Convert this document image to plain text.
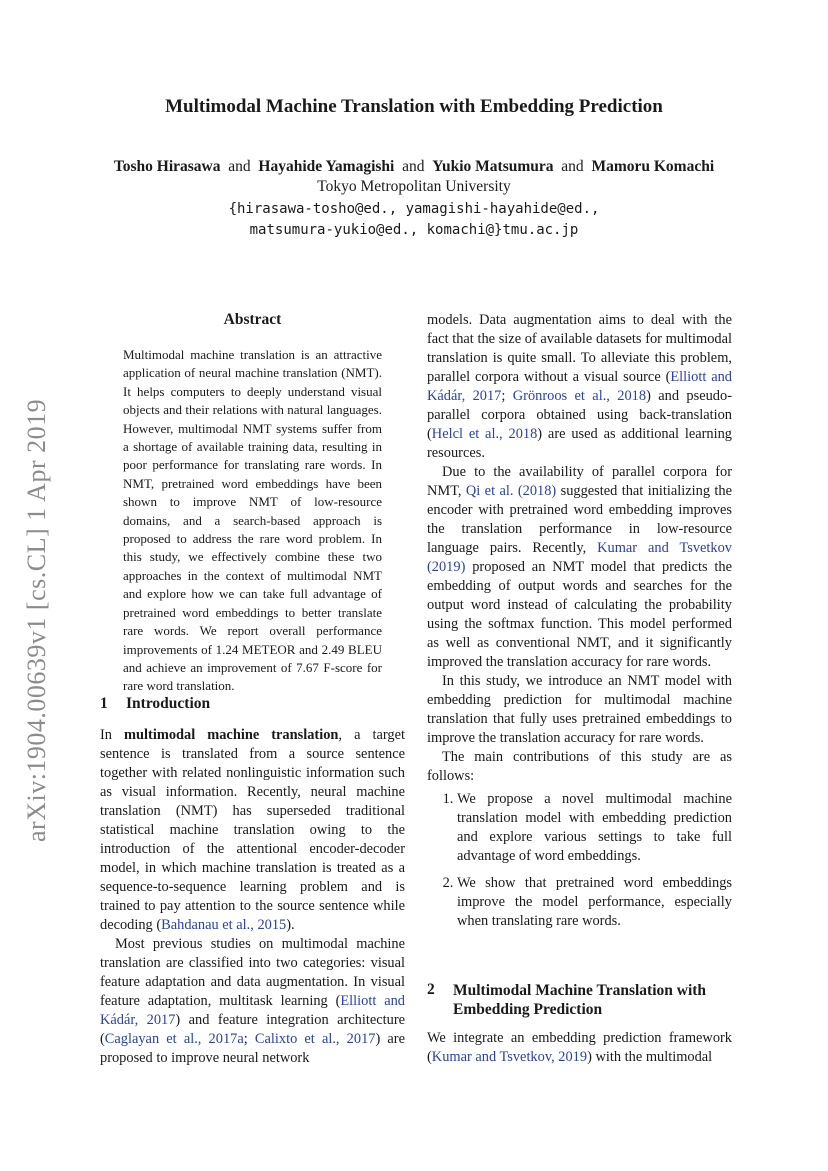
Multimodal Machine Translation with Embedding Prediction
Tosho Hirasawa and Hayahide Yamagishi and Yukio Matsumura and Mamoru Komachi
Tokyo Metropolitan University
{hirasawa-tosho@ed., yamagishi-hayahide@ed.,
matsumura-yukio@ed., komachi@}tmu.ac.jp
arXiv:1904.00639v1 [cs.CL] 1 Apr 2019
Abstract
Multimodal machine translation is an attractive application of neural machine translation (NMT). It helps computers to deeply understand visual objects and their relations with natural languages. However, multimodal NMT systems suffer from a shortage of available training data, resulting in poor performance for translating rare words. In NMT, pretrained word embeddings have been shown to improve NMT of low-resource domains, and a search-based approach is proposed to address the rare word problem. In this study, we effectively combine these two approaches in the context of multimodal NMT and explore how we can take full advantage of pretrained word embeddings to better translate rare words. We report overall performance improvements of 1.24 METEOR and 2.49 BLEU and achieve an improvement of 7.67 F-score for rare word translation.
1 Introduction

In multimodal machine translation, a target sentence is translated from a source sentence together with related nonlinguistic information such as visual information. Recently, neural machine translation (NMT) has superseded traditional statistical machine translation owing to the introduction of the attentional encoder-decoder model, in which machine translation is treated as a sequence-to-sequence learning problem and is trained to pay attention to the source sentence while decoding (Bahdanau et al., 2015).

Most previous studies on multimodal machine translation are classified into two categories: visual feature adaptation and data augmentation. In visual feature adaptation, multitask learning (Elliott and Kádár, 2017) and feature integration architecture (Caglayan et al., 2017a; Calixto et al., 2017) are proposed to improve neural network

models. Data augmentation aims to deal with the fact that the size of available datasets for multimodal translation is quite small. To alleviate this problem, parallel corpora without a visual source (Elliott and Kádár, 2017; Grönroos et al., 2018) and pseudo-parallel corpora obtained using back-translation (Helcl et al., 2018) are used as additional learning resources.

Due to the availability of parallel corpora for NMT, Qi et al. (2018) suggested that initializing the encoder with pretrained word embedding improves the translation performance in low-resource language pairs. Recently, Kumar and Tsvetkov (2019) proposed an NMT model that predicts the embedding of output words and searches for the output word instead of calculating the probability using the softmax function. This model performed as well as conventional NMT, and it significantly improved the translation accuracy for rare words.

In this study, we introduce an NMT model with embedding prediction for multimodal machine translation that fully uses pretrained embeddings to improve the translation accuracy for rare words.

The main contributions of this study are as follows:

1. We propose a novel multimodal machine translation model with embedding prediction and explore various settings to take full advantage of word embeddings.
2. We show that pretrained word embeddings improve the model performance, especially when translating rare words.
2 Multimodal Machine Translation with Embedding Prediction

We integrate an embedding prediction framework (Kumar and Tsvetkov, 2019) with the multimodal
